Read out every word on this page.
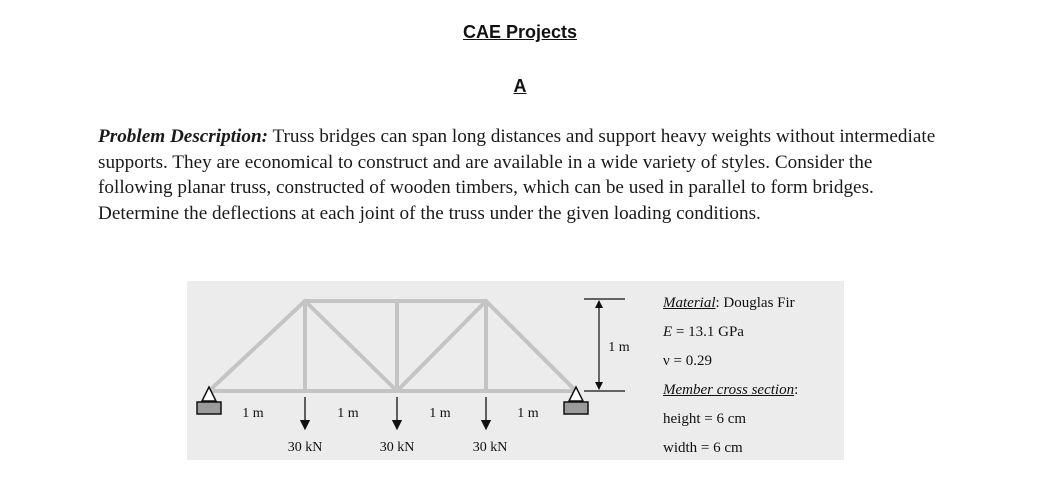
CAE Projects
A
Problem Description: Truss bridges can span long distances and support heavy weights without intermediate supports. They are economical to construct and are available in a wide variety of styles. Consider the following planar truss, constructed of wooden timbers, which can be used in parallel to form bridges. Determine the deflections at each joint of the truss under the given loading conditions.
1 m	1 m	1 m	1 m
30 kN	30 kN	30 kN
1 m
Material: Douglas Fir
E = 13.1 GPa
ν = 0.29
Member cross section:
height = 6 cm
width = 6 cm
